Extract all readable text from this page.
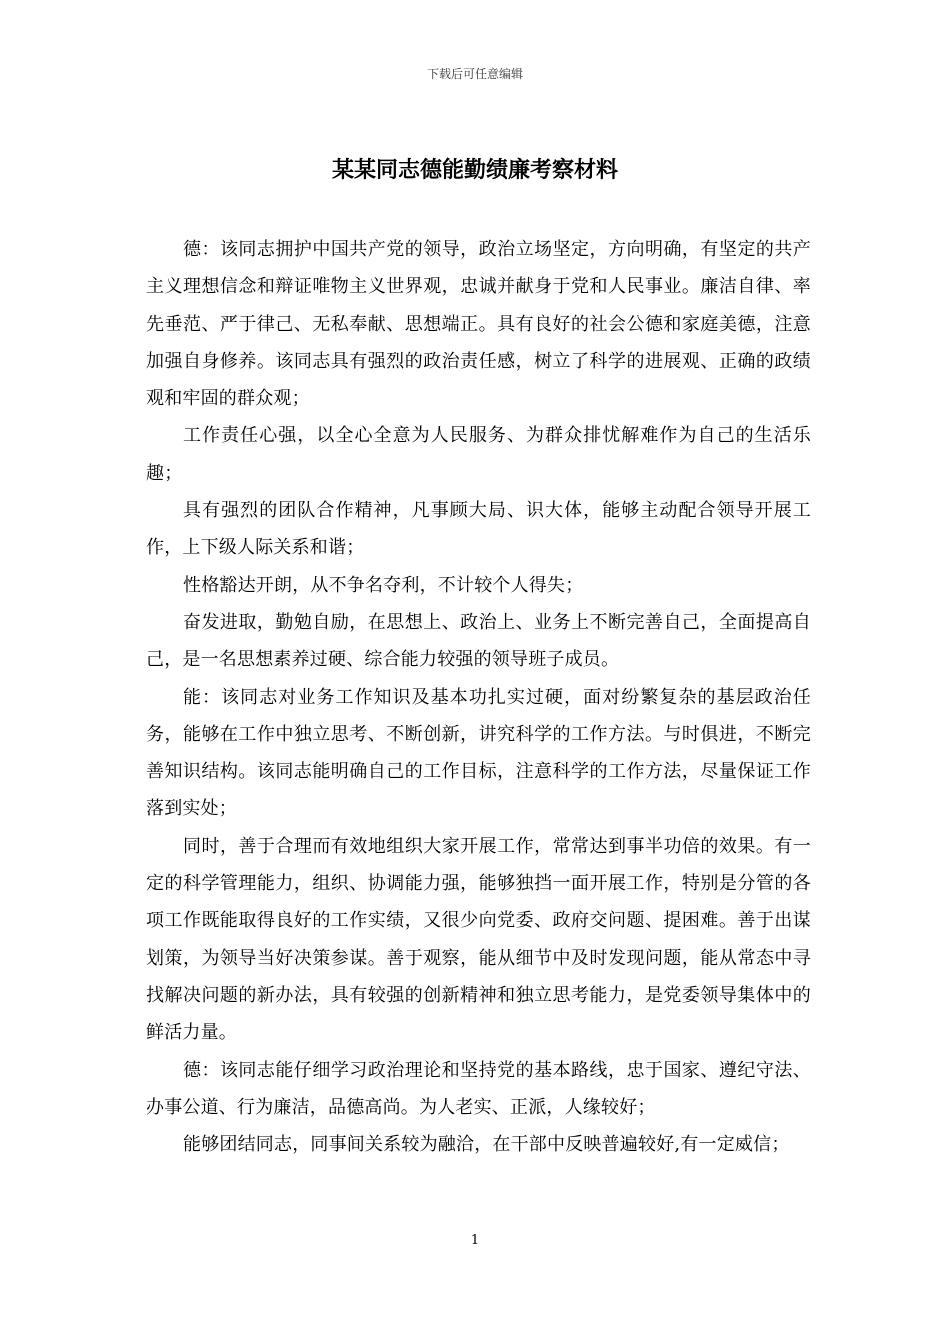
下载后可任意编辑
某某同志德能勤绩廉考察材料

德：该同志拥护中国共产党的领导，政治立场坚定，方向明确，有坚定的共产主义理想信念和辩证唯物主义世界观，忠诚并献身于党和人民事业。廉洁自律、率先垂范、严于律己、无私奉献、思想端正。具有良好的社会公德和家庭美德，注意加强自身修养。该同志具有强烈的政治责任感，树立了科学的进展观、正确的政绩观和牢固的群众观；

工作责任心强，以全心全意为人民服务、为群众排忧解难作为自己的生活乐趣；

具有强烈的团队合作精神，凡事顾大局、识大体，能够主动配合领导开展工作，上下级人际关系和谐；

性格豁达开朗，从不争名夺利，不计较个人得失；

奋发进取，勤勉自励，在思想上、政治上、业务上不断完善自己，全面提高自己，是一名思想素养过硬、综合能力较强的领导班子成员。

能：该同志对业务工作知识及基本功扎实过硬，面对纷繁复杂的基层政治任务，能够在工作中独立思考、不断创新，讲究科学的工作方法。与时俱进，不断完善知识结构。该同志能明确自己的工作目标，注意科学的工作方法，尽量保证工作落到实处；

同时，善于合理而有效地组织大家开展工作，常常达到事半功倍的效果。有一定的科学管理能力，组织、协调能力强，能够独挡一面开展工作，特别是分管的各项工作既能取得良好的工作实绩，又很少向党委、政府交问题、提困难。善于出谋划策，为领导当好决策参谋。善于观察，能从细节中及时发现问题，能从常态中寻找解决问题的新办法，具有较强的创新精神和独立思考能力，是党委领导集体中的鲜活力量。

德：该同志能仔细学习政治理论和坚持党的基本路线，忠于国家、遵纪守法、办事公道、行为廉洁，品德高尚。为人老实、正派，人缘较好；

能够团结同志，同事间关系较为融洽，在干部中反映普遍较好,有一定威信；

1
